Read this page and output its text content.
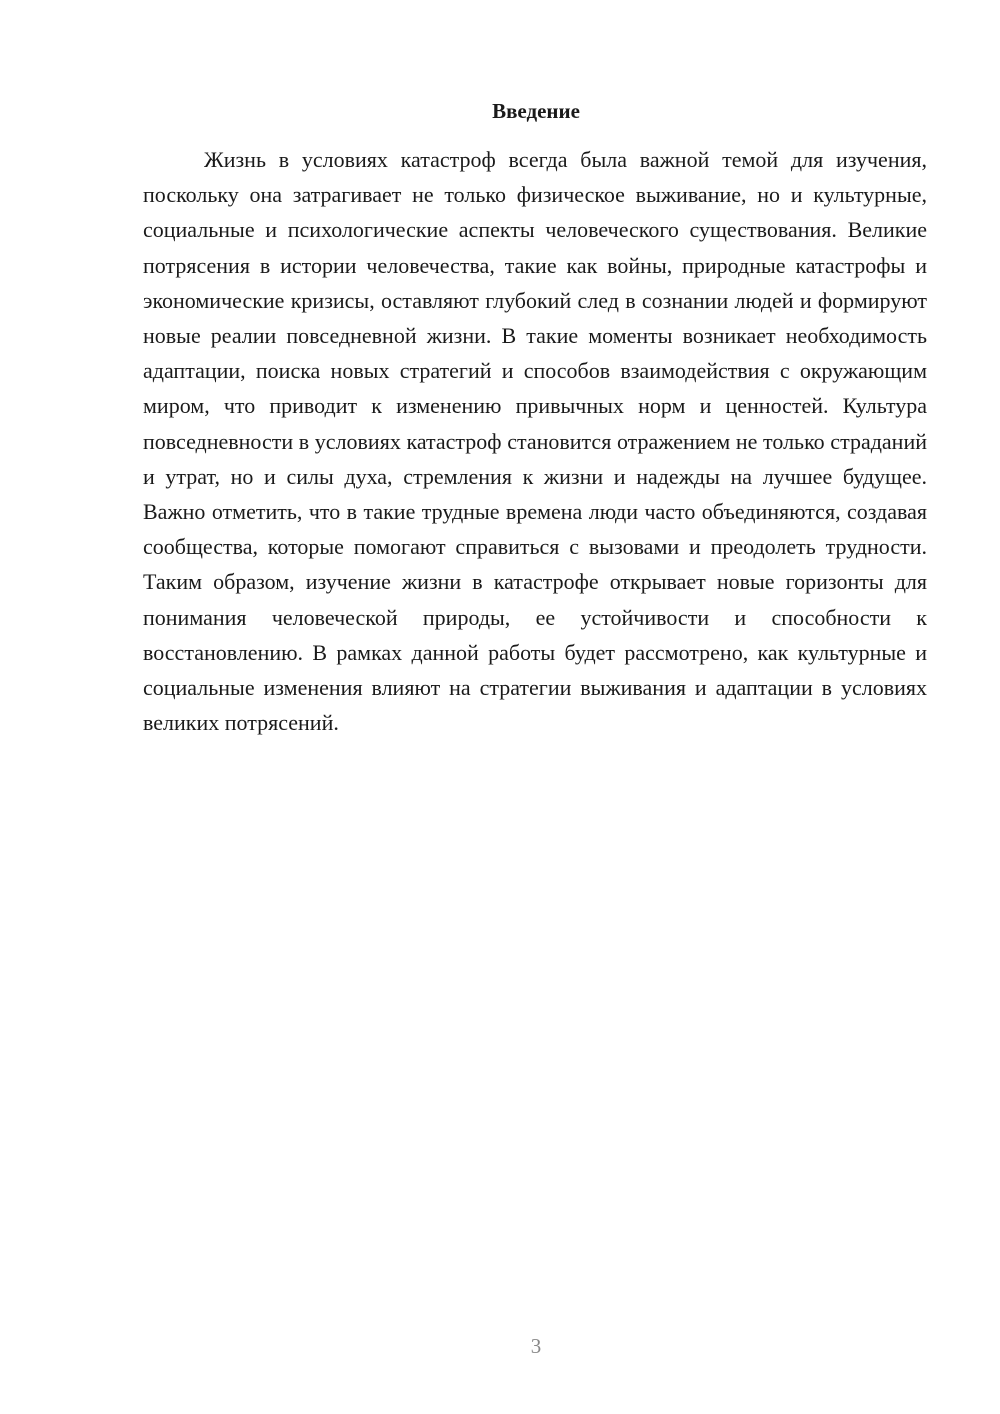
Введение

Жизнь в условиях катастроф всегда была важной темой для изучения, поскольку она затрагивает не только физическое выживание, но и культурные, социальные и психологические аспекты человеческого существования. Великие потрясения в истории человечества, такие как войны, природные катастрофы и экономические кризисы, оставляют глубокий след в сознании людей и формируют новые реалии повседневной жизни. В такие моменты возникает необходимость адаптации, поиска новых стратегий и способов взаимодействия с окружающим миром, что приводит к изменению привычных норм и ценностей. Культура повседневности в условиях катастроф становится отражением не только страданий и утрат, но и силы духа, стремления к жизни и надежды на лучшее будущее. Важно отметить, что в такие трудные времена люди часто объединяются, создавая сообщества, которые помогают справиться с вызовами и преодолеть трудности. Таким образом, изучение жизни в катастрофе открывает новые горизонты для понимания человеческой природы, ее устойчивости и способности к восстановлению. В рамках данной работы будет рассмотрено, как культурные и социальные изменения влияют на стратегии выживания и адаптации в условиях великих потрясений.

3
